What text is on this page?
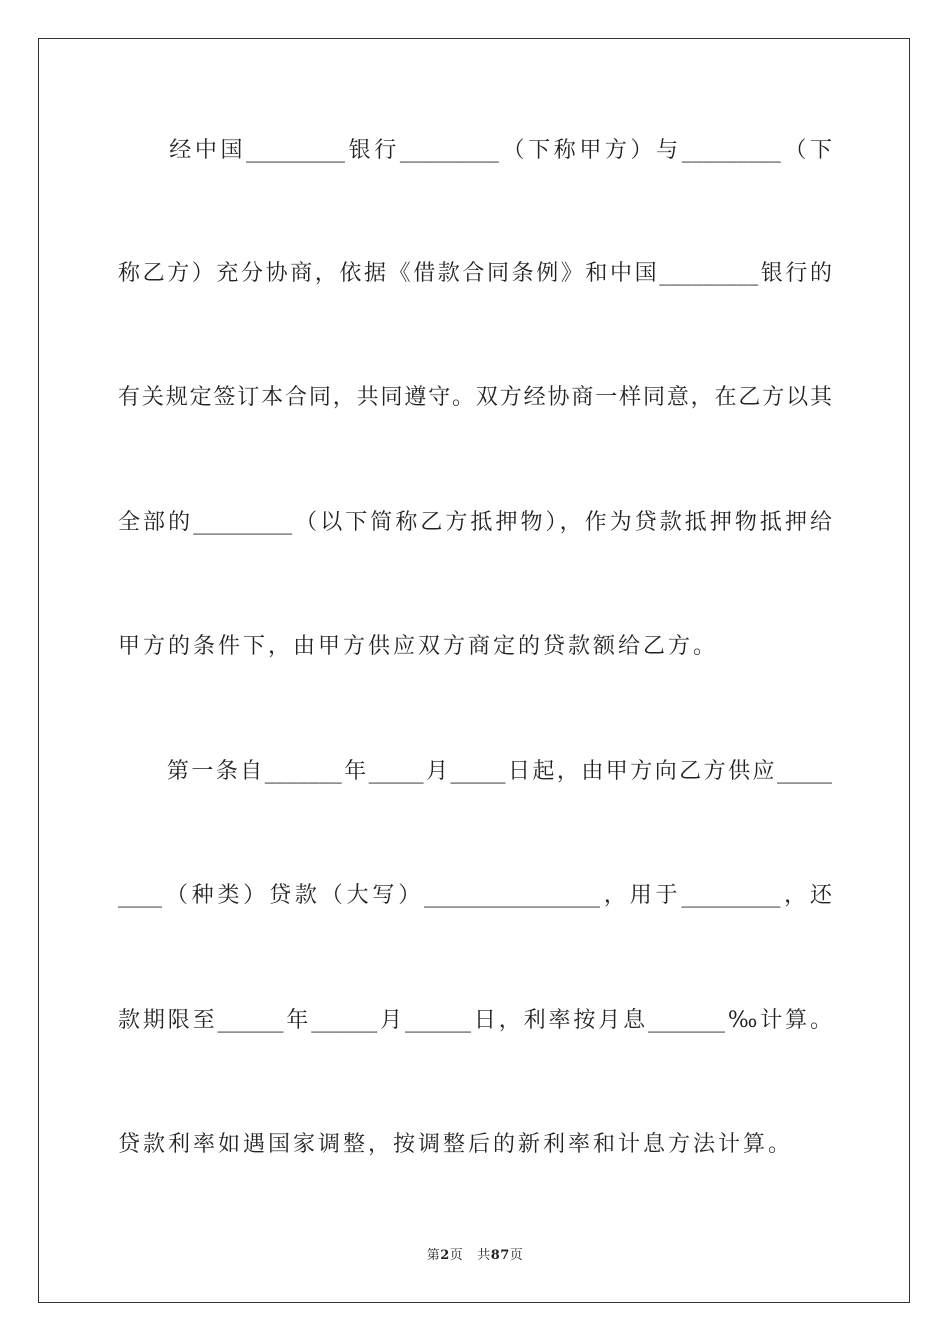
　　经中国_________银行_________（下称甲方）与_________（下
称乙方）充分协商，依据《借款合同条例》和中国_________银行的
有关规定签订本合同，共同遵守。双方经协商一样同意，在乙方以其
全部的_________（以下简称乙方抵押物），作为贷款抵押物抵押给
甲方的条件下，由甲方供应双方商定的贷款额给乙方。
　　第一条自_______年_____月_____日起，由甲方向乙方供应_____
____（种类）贷款（大写）________________，用于_________，还
款期限至______年______月______日，利率按月息_______‰计算。
贷款利率如遇国家调整，按调整后的新利率和计息方法计算。
第2页 共87页
